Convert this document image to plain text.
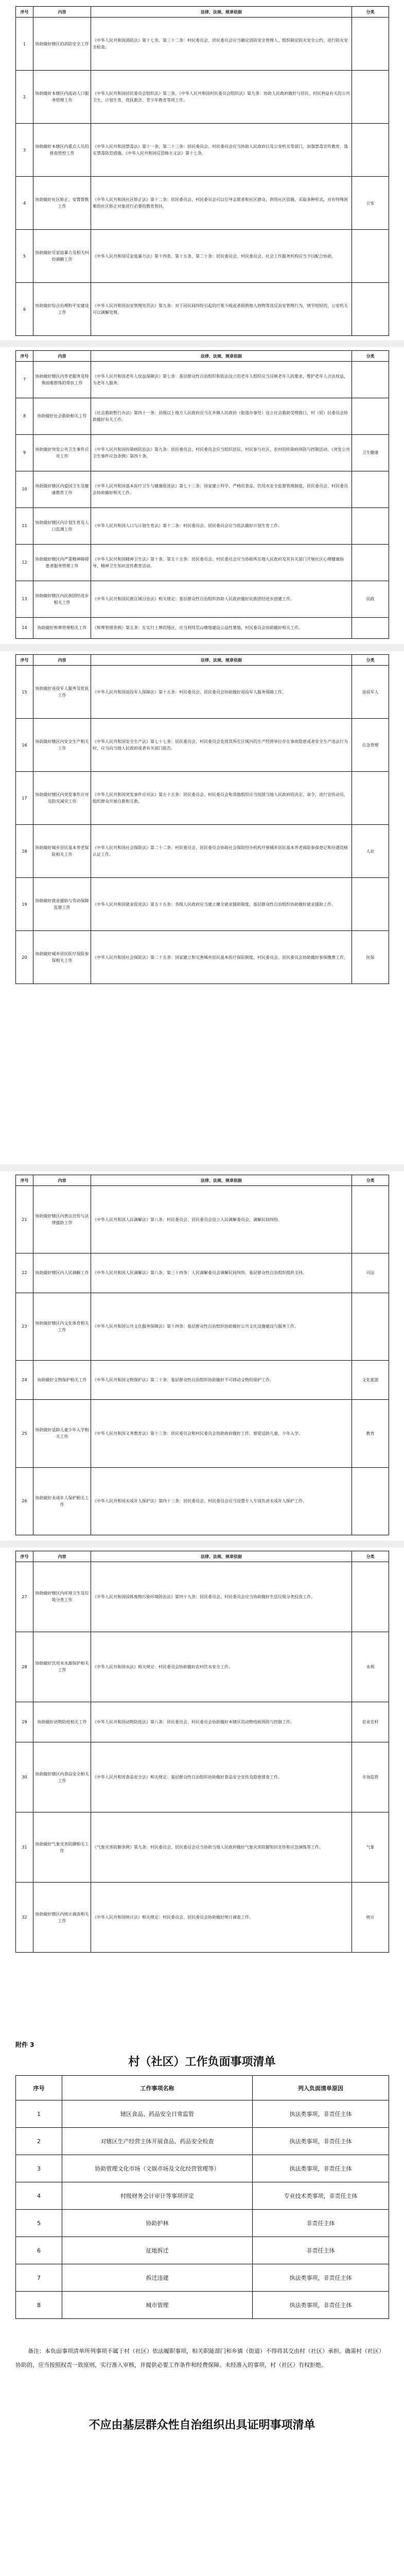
序号	内容	法律、法规、规章依据	分类
1	协助做好辖区的消防安全工作	《中华人民共和国消防法》第十七条、第三十二条：村民委员会、居民委员会应当确定消防安全管理人，组织制定防火安全公约，进行防火安全检查。	
2	协助做好本辖区内流动人口服务管理工作	《中华人民共和国居民委员会组织法》第三条、《中华人民共和国村民委员会组织法》第九条：协助人民政府做好与居民、村民利益有关的公共卫生、计划生育、优抚救济、青少年教育等项工作。	
3	协助做好本辖区内重点人员的排查管控工作	《中华人民共和国禁毒法》第十一条、第二十三条：居民委员会、村民委员会应当协助人民政府以及公安机关等部门，加强禁毒宣传教育，落实禁毒防范措施。《中华人民共和国反恐怖主义法》第十七条。	
4	协助做好社区矫正、安置帮教工作	《中华人民共和国社区矫正法》第十二条：居民委员会、村民委员会可以引导志愿者和社区群众，利用社区资源，采取多种形式，对有特殊困难的社区矫正对象进行必要的教育帮扶。	公安
5	协助做好反家庭暴力及相关纠纷调解工作	《中华人民共和国反家庭暴力法》第十四条、第十五条、第二十条：居民委员会、村民委员会、社会工作服务机构应当予以配合协助。	
6	协助做好综合治理和平安建设工作	《中华人民共和国治安管理处罚法》第九条：对于因民间纠纷引起的打架斗殴或者损毁他人财物等违反治安管理行为，情节较轻的，公安机关可以调解处理。	
序号	内容	法律、法规、规章依据	分类
7	协助做好辖区内养老服务及特殊困难群体的帮扶工作	《中华人民共和国老年人权益保障法》第七条：基层群众性自治组织和依法设立的老年人组织应当反映老年人的要求，维护老年人合法权益，为老年人服务。	
8	协助做好社会救助相关工作	《社会救助暂行办法》第四十一条：县级以上地方人民政府应当在乡镇人民政府（街道办事处）设立社会救助受理窗口，村（居）民委员会协助做好有关工作。	
9	协助做好突发公共卫生事件应对工作	《中华人民共和国传染病防治法》第九条：居民委员会、村民委员会应当组织居民、村民参与社区、农村的传染病预防与控制活动。《突发公共卫生事件应急条例》第四十条。	卫生健康
10	协助做好辖区内爱国卫生及健康教育工作	《中华人民共和国基本医疗卫生与健康促进法》第七十三条：国家建立科学、严格的食品、饮用水安全监督管理制度，居民委员会、村民委员会协助做好相关工作。	
11	协助做好辖区内计划生育及人口监测工作	《中华人民共和国人口与计划生育法》第十二条：村民委员会、居民委员会应当依法做好计划生育工作。	
12	协助做好辖区内严重精神障碍患者服务管理工作	《中华人民共和国精神卫生法》第十条、第五十五条：居民委员会、村民委员会应当协助所在地人民政府及其有关部门开展社区心理健康指导、精神卫生知识宣传教育活动。	
13	协助做好辖区内民族团结进步相关工作	《中华人民共和国民族区域自治法》相关规定：基层群众性自治组织协助人民政府做好民族团结进步创建工作。	民政
14	协助做好殡葬管理相关工作	《殡葬管理条例》第五条：在实行土葬的地区，应当利用荒山瘠地建设公益性墓地，村民委员会协助做好相关工作。	
序号	内容	法律、法规、规章依据	分类
15	协助做好退役军人服务及优抚工作	《中华人民共和国退役军人保障法》第十五条：村民委员会、居民委员会协助做好退役军人服务保障工作。	退役军人
16	协助做好辖区内安全生产相关工作	《中华人民共和国安全生产法》第七十七条：居民委员会、村民委员会发现其所在区域内的生产经营单位存在事故隐患或者安全生产违法行为时，应当向当地人民政府或者有关部门报告。	应急管理
17	协助做好辖区内突发事件应对及防灾减灾工作	《中华人民共和国突发事件应对法》第五十五条：居民委员会、村民委员会和其他组织应当按照当地人民政府的决定、命令，进行宣传动员，组织群众开展自救和互救。	
18	协助做好城乡居民基本养老保险相关工作	《中华人民共和国社会保险法》第二十二条：村民委员会、居民委员会协助社会保险经办机构开展城乡居民基本养老保险参保登记和待遇资格认证工作。	人社
19	协助做好就业援助与劳动保障监察工作	《中华人民共和国就业促进法》第五十五条：各级人民政府应当建立健全就业援助制度，基层群众性自治组织协助做好就业援助工作。	
20	协助做好城乡居民医疗保险参保相关工作	《中华人民共和国社会保险法》第二十五条：国家建立和完善城乡居民基本医疗保险制度，村民委员会、居民委员会协助做好参保缴费工作。	医保
序号	内容	法律、法规、规章依据	分类
21	协助做好辖区内普法宣传与法律援助工作	《中华人民共和国人民调解法》第八条：村民委员会、居民委员会设立人民调解委员会，调解民间纠纷。	
22	协助做好辖区内人民调解工作	《中华人民共和国人民调解法》第八条、第三十四条：人民调解委员会调解民间纠纷，基层群众性自治组织提供支持。	司法
23	协助做好辖区内文化体育相关工作	《中华人民共和国公共文化服务保障法》第十四条：基层群众性自治组织协助做好公共文化设施建设与服务工作。	
24	协助做好文物保护相关工作	《中华人民共和国文物保护法》第二十条：基层群众性自治组织协助做好不可移动文物的保护工作。	文化旅游
25	协助做好适龄儿童少年入学相关工作	《中华人民共和国义务教育法》第十三条：居民委员会和村民委员会协助政府做好工作，督促适龄儿童、少年入学。	教育
26	协助做好未成年人保护相关工作	《中华人民共和国未成年人保护法》第四十三条：居民委员会、村民委员会应当设置专人专岗负责未成年人保护工作。	
序号	内容	法律、法规、规章依据	分类
27	协助做好辖区内环境卫生及垃圾分类工作	《中华人民共和国固体废物污染环境防治法》第四十九条：居民委员会、村民委员会应当协助做好生活垃圾分类投放工作。	
28	协助做好饮用水水源保护相关工作	《中华人民共和国水法》相关规定：村民委员会协助做好农村饮水安全工作。	水利
29	协助做好动物防疫相关工作	《中华人民共和国动物防疫法》第八条：居民委员会、村民委员会协助做好本辖区的动物疫病预防与控制工作。	农业农村
30	协助做好辖区内食品安全相关工作	《中华人民共和国食品安全法》相关规定：基层群众性自治组织协助做好食品安全宣传及隐患排查工作。	市场监管
31	协助做好气象灾害防御相关工作	《气象灾害防御条例》第九条：村民委员会、居民委员会应当协助当地人民政府做好气象灾害防御知识宣传和应急演练等工作。	气象
32	协助做好辖区内统计调查相关工作	《中华人民共和国统计法》相关规定：村民委员会、居民委员会协助做好统计调查工作。	统计
附件 3
村（社区）工作负面事项清单
序号	工作事项名称	列入负面清单原因
1	辖区食品、药品安全日常监管	执法类事项，非责任主体
2	对辖区生产经营主体开展食品、药品安全检查	执法类事项，非责任主体
3	协助管理文化市场（文娱市场及文化经营管理等）	执法类事项，非责任主体
4	村级财务会计审计等事项评定	专业技术类事项，非责任主体
5	协助护林	非责任主体
6	征地拆迁	非责任主体
7	拆迁违建	执法类事项，非责任主体
8	城市管理	执法类事项，非责任主体
备注：本负面事项清单所列事项不属于村（社区）依法履职事项，相关职能部门和乡镇（街道）不得将其交由村（社区）承担。确需村（社区）协助的，应当按照权责一致原则，实行准入审核，并提供必要工作条件和经费保障。未经准入的事项，村（社区）有权拒绝。
不应由基层群众性自治组织出具证明事项清单
